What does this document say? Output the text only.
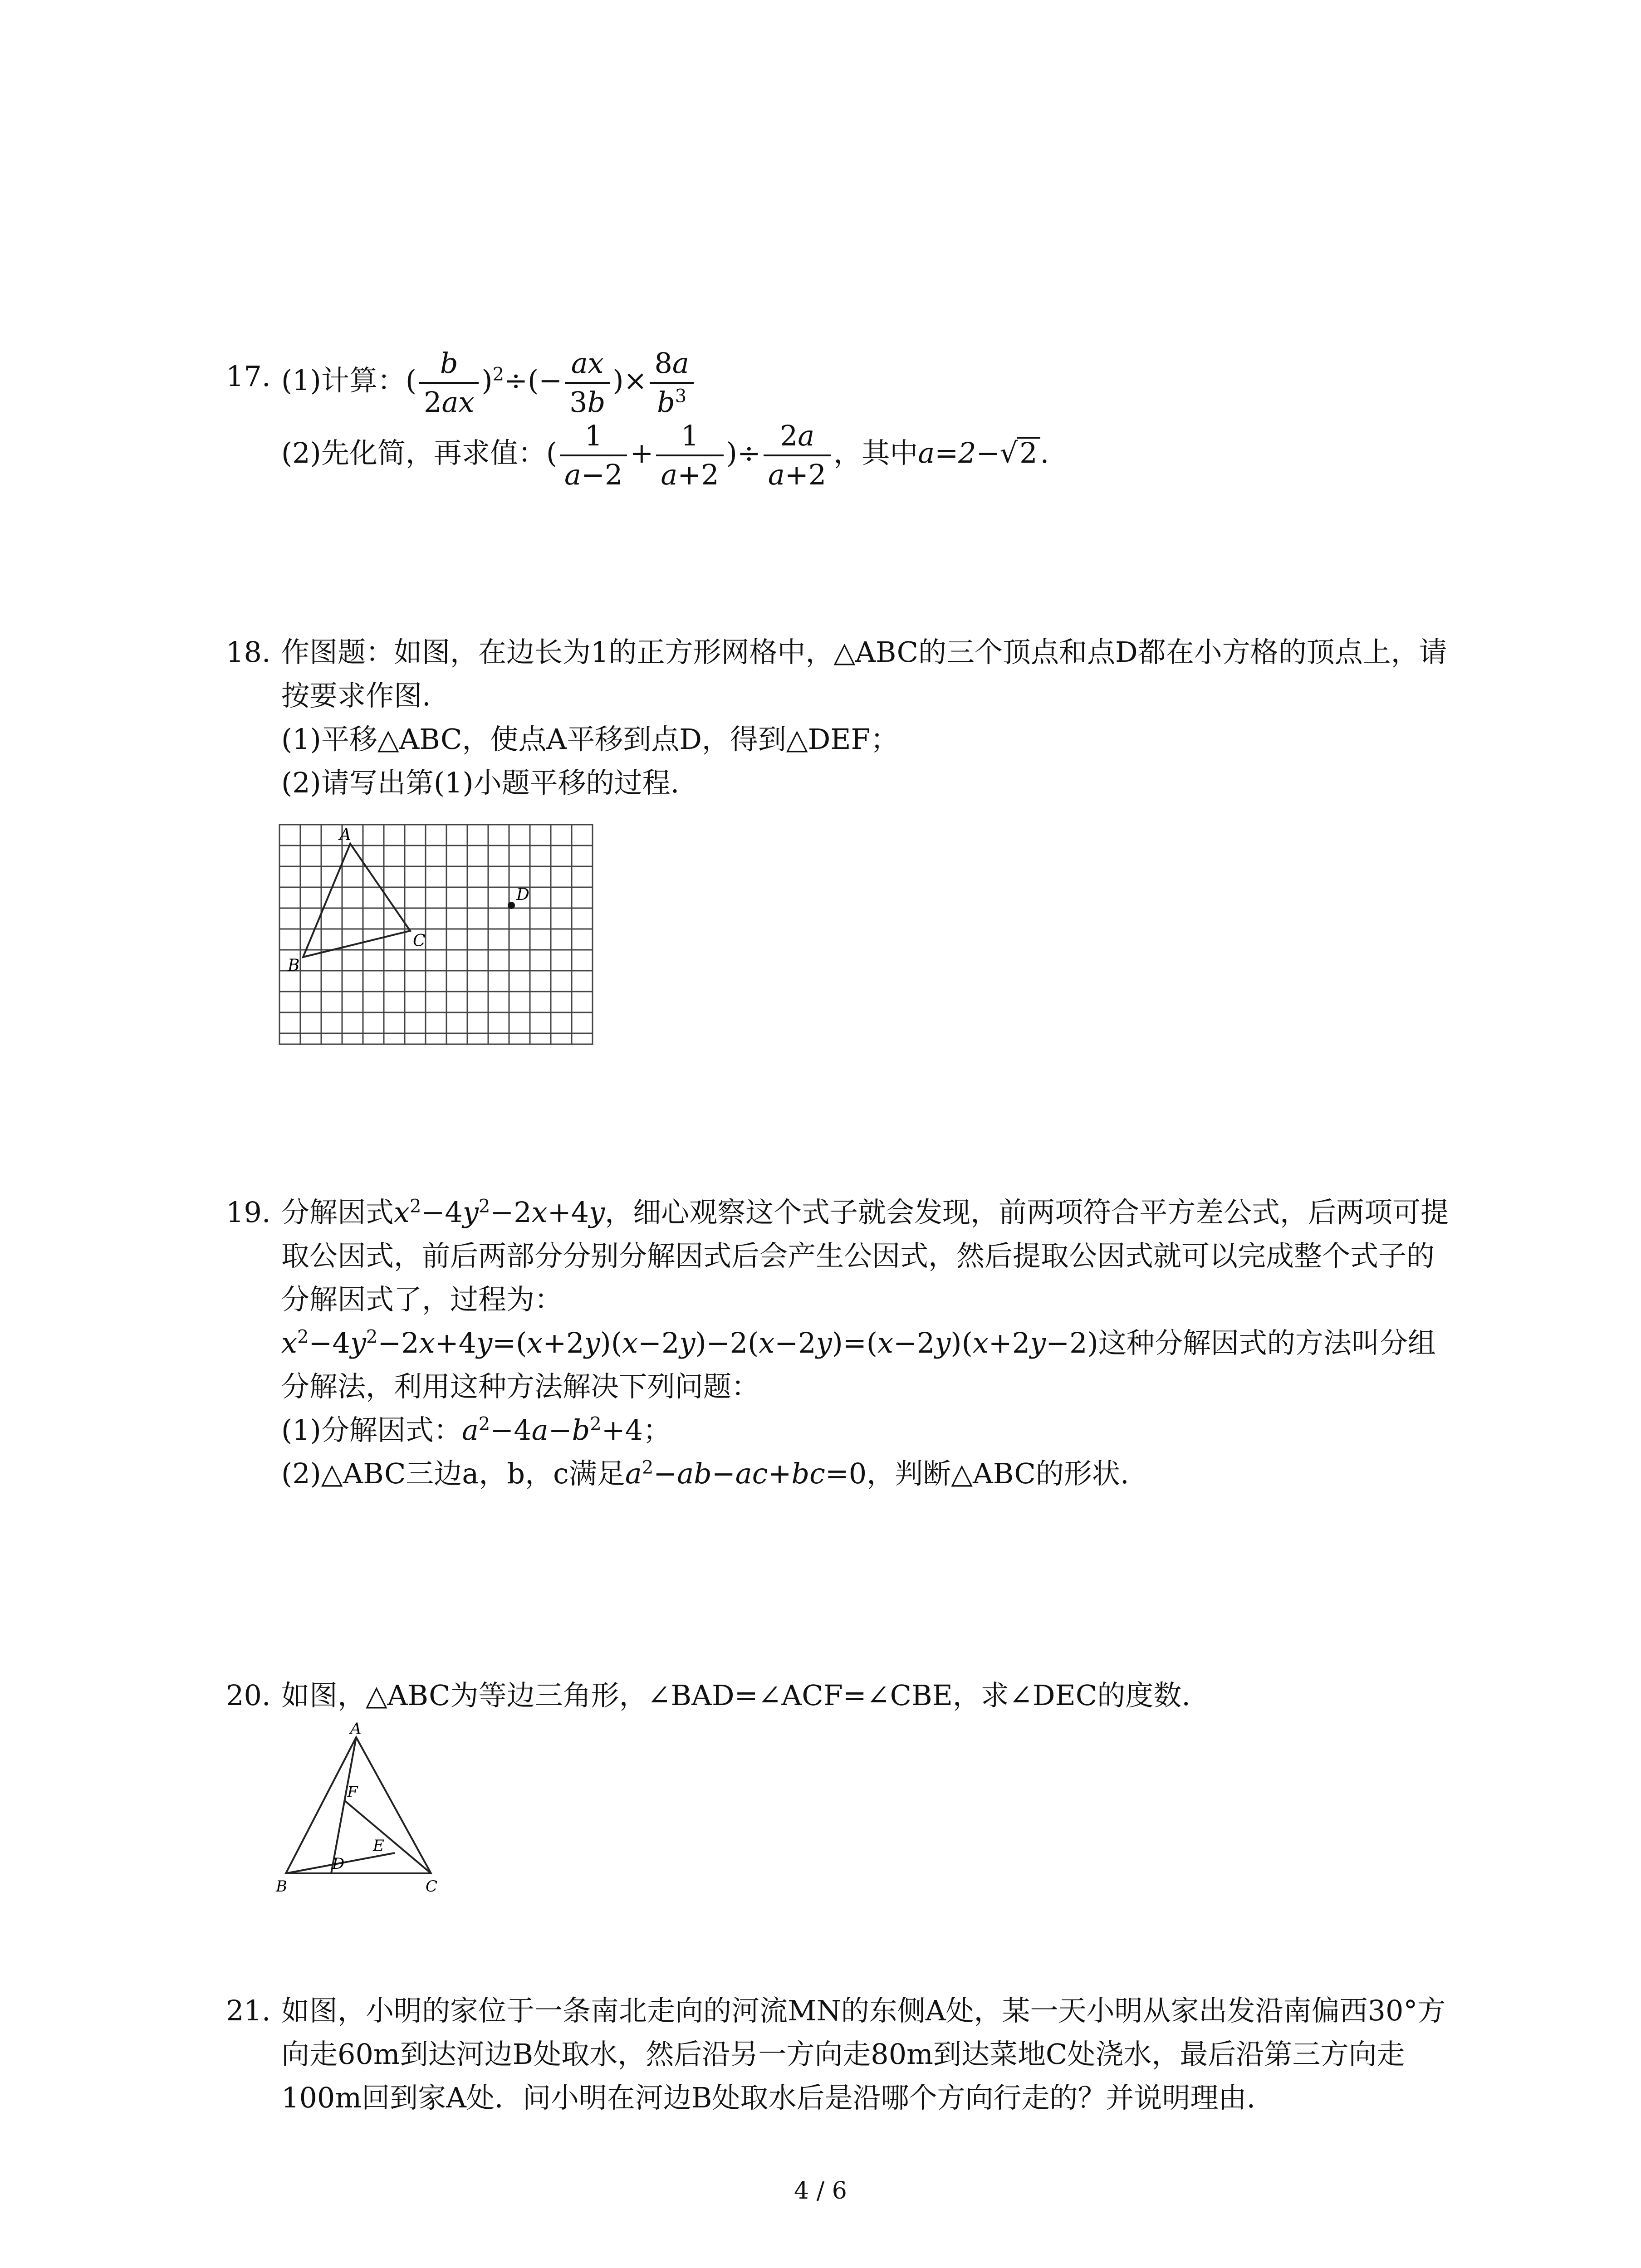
17. (1)计算：( $\frac{b}{2ax} )^2\div(- \frac{ax}{3b}$ )× $\frac{8a}{b^3}$
(2)先化简，再求值：( $\frac{1}{a-2} + \frac{1}{a+2}$ )÷ $\frac{2a}{a+2}$ ，其中a=2−√2.
18. 作图题：如图，在边长为1的正方形网格中，△ABC的三个顶点和点D都在小方格的顶点上，请按要求作图.
(1)平移△ABC，使点A平移到点D，得到△DEF；
(2)请写出第(1)小题平移的过程.
A
B
C
D
19. 分解因式$x^2-4y^2-2x+4y$，细心观察这个式子就会发现，前两项符合平方差公式，后两项可提取公因式，前后两部分分别分解因式后会产生公因式，然后提取公因式就可以完成整个式子的分解因式了，过程为：
$x^2-4y^2-2x+4y=(x+2y)(x-2y)-2(x-2y)=(x-2y)(x+2y-2)$这种分解因式的方法叫分组分解法，利用这种方法解决下列问题：
(1)分解因式：$a^2-4a-b^2+4$；
(2)△ABC三边a，b，c满足$a^2-ab-ac+bc=0$，判断△ABC的形状.
20. 如图，△ABC为等边三角形，∠BAD=∠ACF=∠CBE，求∠DEC的度数.
A
B	C
D
E
F
21. 如图，小明的家位于一条南北走向的河流MN的东侧A处，某一天小明从家出发沿南偏西30°方向走60m到达河边B处取水，然后沿另一方向走80m到达菜地C处浇水，最后沿第三方向走100m回到家A处．问小明在河边B处取水后是沿哪个方向行走的？并说明理由.
4 / 6
